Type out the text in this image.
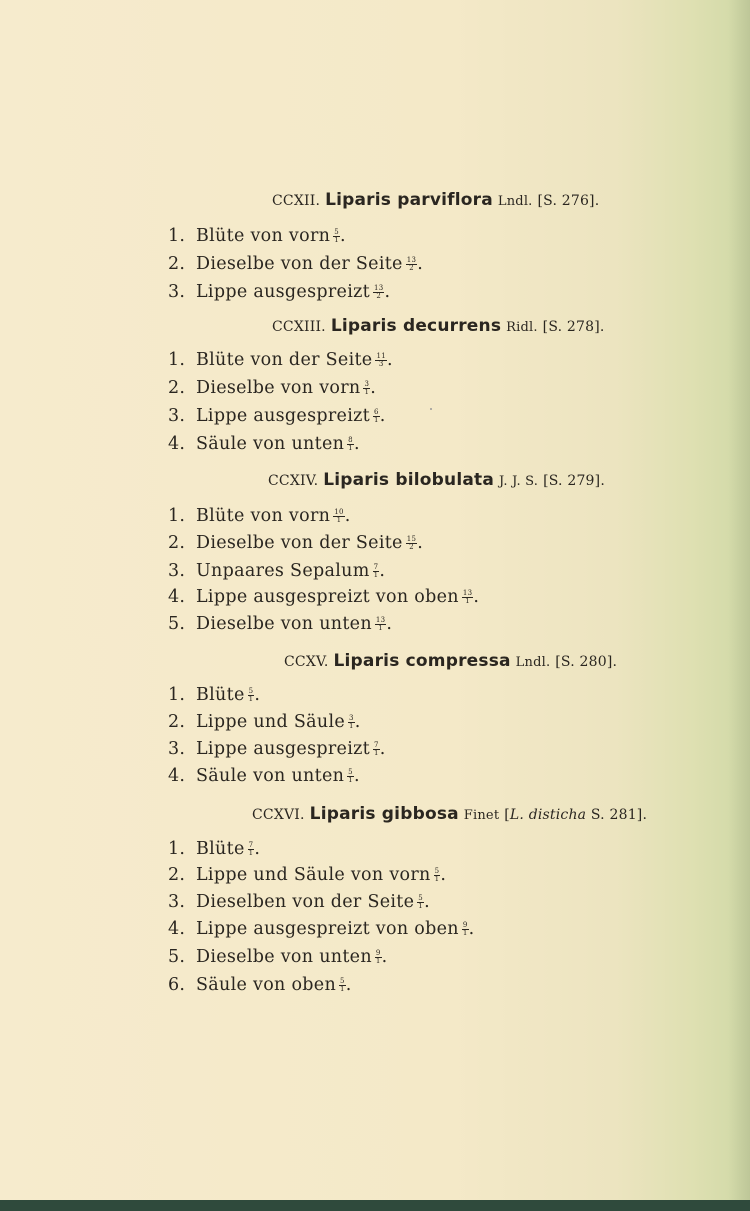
CCXII. Liparis parviflora Lndl. [S. 276].
1. Blüte von vorn $\frac{5}{1}$ .
2. Dieselbe von der Seite $\frac{13}{2}$ .
3. Lippe ausgespreizt $\frac{13}{2}$ .
CCXIII. Liparis decurrens Ridl. [S. 278].
1. Blüte von der Seite $\frac{11}{3}$ .
2. Dieselbe von vorn $\frac{3}{1}$ .
3. Lippe ausgespreizt $\frac{6}{1}$ .
4. Säule von unten $\frac{8}{1}$ .
CCXIV. Liparis bilobulata J. J. S. [S. 279].
1. Blüte von vorn $\frac{10}{1}$ .
2. Dieselbe von der Seite $\frac{15}{2}$ .
3. Unpaares Sepalum $\frac{7}{1}$ .
4. Lippe ausgespreizt von oben $\frac{13}{1}$ .
5. Dieselbe von unten $\frac{13}{1}$ .
CCXV. Liparis compressa Lndl. [S. 280].
1. Blüte $\frac{5}{1}$ .
2. Lippe und Säule $\frac{3}{1}$ .
3. Lippe ausgespreizt $\frac{7}{1}$ .
4. Säule von unten $\frac{5}{1}$ .
CCXVI. Liparis gibbosa Finet [L. disticha S. 281].
1. Blüte $\frac{7}{1}$ .
2. Lippe und Säule von vorn $\frac{5}{1}$ .
3. Dieselben von der Seite $\frac{5}{1}$ .
4. Lippe ausgespreizt von oben $\frac{9}{1}$ .
5. Dieselbe von unten $\frac{9}{1}$ .
6. Säule von oben $\frac{5}{1}$ .
